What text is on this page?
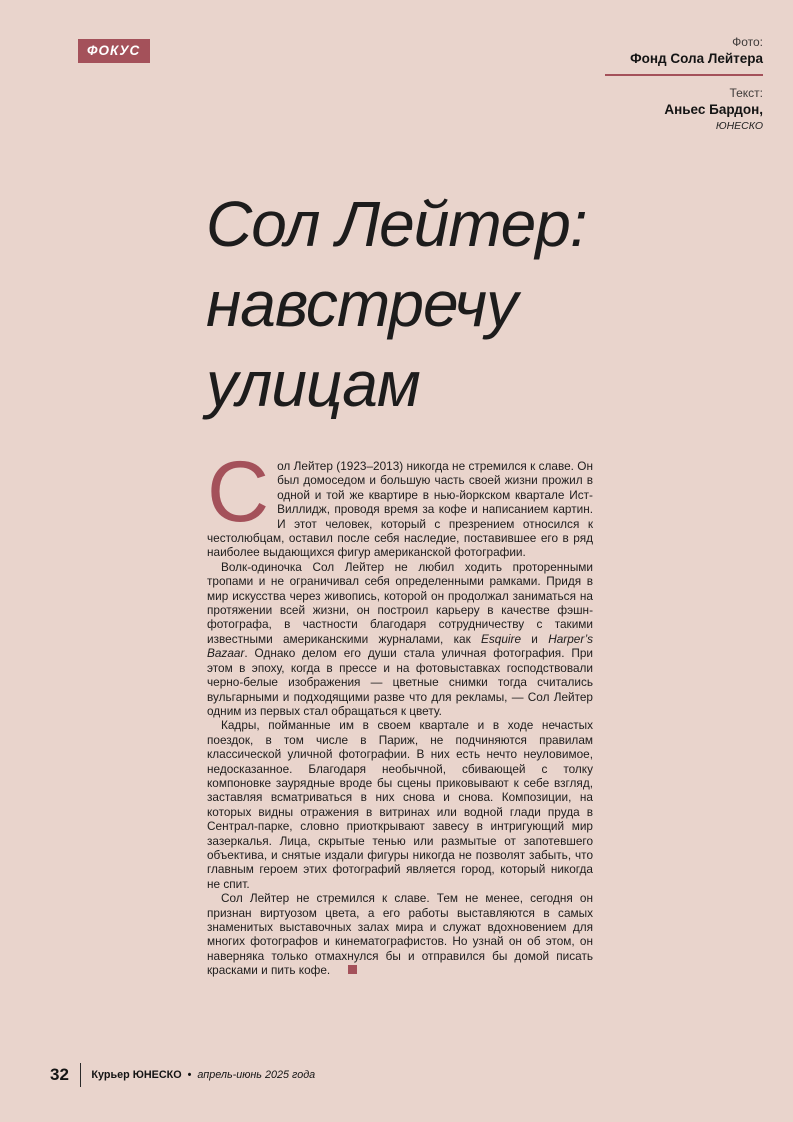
ФОКУС
Фото:
Фонд Сола Лейтера
Текст:
Аньес Бардон,
ЮНЕСКО
Сол Лейтер:
навстречу
улицам

Сол Лейтер (1923–2013) никогда не стремился к славе. Он был домоседом и большую часть своей жизни прожил в одной и той же квартире в нью-йоркском квартале Ист-Виллидж, проводя время за кофе и написанием картин. И этот человек, который с презрением относился к честолюбцам, оставил после себя наследие, поставившее его в ряд наиболее выдающихся фигур американской фотографии.

Волк-одиночка Сол Лейтер не любил ходить проторенными тропами и не ограничивал себя определенными рамками. Придя в мир искусства через живопись, которой он продолжал заниматься на протяжении всей жизни, он построил карьеру в качестве фэшн-фотографа, в частности благодаря сотрудничеству с такими известными американскими журналами, как Esquire и Harper’s Bazaar. Однако делом его души стала уличная фотография. При этом в эпоху, когда в прессе и на фотовыставках господствовали черно-белые изображения — цветные снимки тогда считались вульгарными и подходящими разве что для рекламы, — Сол Лейтер одним из первых стал обращаться к цвету.

Кадры, пойманные им в своем квартале и в ходе нечастых поездок, в том числе в Париж, не подчиняются правилам классической уличной фотографии. В них есть нечто неуловимое, недосказанное. Благодаря необычной, сбивающей с толку компоновке заурядные вроде бы сцены приковывают к себе взгляд, заставляя всматриваться в них снова и снова. Композиции, на которых видны отражения в витринах или водной глади пруда в Сентрал-парке, словно приоткрывают завесу в интригующий мир зазеркалья. Лица, скрытые тенью или размытые от запотевшего объектива, и снятые издали фигуры никогда не позволят забыть, что главным героем этих фотографий является город, который никогда не спит.

Сол Лейтер не стремился к славе. Тем не менее, сегодня он признан виртуозом цвета, а его работы выставляются в самых знаменитых выставочных залах мира и служат вдохновением для многих фотографов и кинематографистов. Но узнай он об этом, он наверняка только отмахнулся бы и отправился бы домой писать красками и пить кофе.

32 Курьер ЮНЕСКО • апрель-июнь 2025 года
